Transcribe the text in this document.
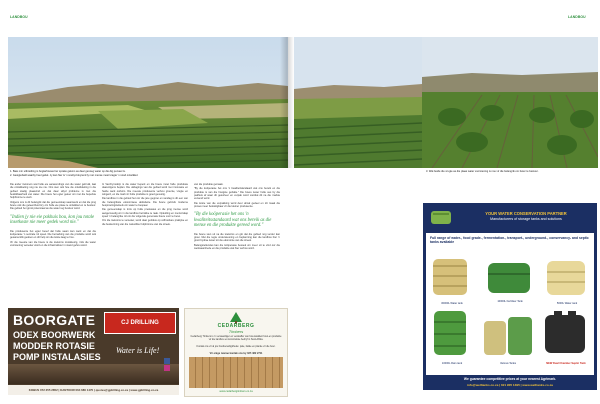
LANDBOU
1. Baie min uitbreiding is bogtarhoewel ter sprake gekom as daar genoeg water op die dig perseel is.
2. Gesigtebald waarby heel geluk. Jy kan hier is 'n sneltyd skyrend ly met mense moet kragte 'n nood ontwikkel.

Die ander inwoners wat hulle eie aanwendings van die water gebruik, laat die ontwikkeling nog nie toe nie. Ons sien ook hoe die ontwikkeling in die gebied stadig plaasvind en dat daar altyd probleme is met die beskikbaarheid van water. Die boere het egter geleer om met die beperkte hulpbronne te werk.

Volgens ons is dit belangrik dat die gemeenskap saamwerk en dat die jong boere ook die geleentheid kry om hulle eie plase te ontwikkel en te bestuur. Die gebied het groot potensiaal as die water reg bestuur word.

"Indien jy nie eie pakhuis bou, kon jou totale insetkoste nie meer gedek word nie."

Die produsente het egter besef dat hulle saam kan werk en dat die koöperasie 'n sentrale rol speel. Die bemarking van die produkte word ook gesamentlik gedoen en dit help om die koste laag te hou.

Vir die meeste van die boere is die toekoms rooskleurig, mits die water voorsiening verseker word en die infrastruktuur in stand gehou word.

In Vanrhynsdorp is die water beperk en die boere moet hulle produksie daarvolgens beplan. Die uitdagings van die gebied word met innovasie en harde werk oorkom. Die meeste produsente verbou groente, vrugte en wingerd, en die mark vir hulle produkte is goed gevestig.

Die landbou in die gebied het oor die jare gegroei en vandag is dit een van die belangrikste ekonomiese aktiwiteite. Die boere gebruik moderne besproeiingstelsels om water te bespaar.

Die gemeenskap is trots op hulle prestasies en die jong mense word aangemoedig om in die landbou betrokke te raak. Opleiding en mentorskap speel 'n belangrike rol om die volgende generasie boere voor te berei.

Om die toekoms te verseker, word daar gefokus op volhoubare praktyke en die beskerming van die natuurlike hulpbronne van die streek.

van die produkte gemaak.

"By die koöperasie het ons 'n kwaliteitstandaard wat ons bereik en die produkte is van die hoogste gehalte." Die boere lewer hulle oes by die pakhuis af waar dit gesorteer en verpak word voordat dit na die markte versend word.

Die koste van die verpakking word deur almal gedeel en dit maak die proses meer bekostigbaar vir die kleiner produsente.

"By die koöperasie het ons 'n kwaliteitsstandaard wat ons bereik as die mense en die produkte gereed word."

Die boere sien uit na die toekoms en glo dat die gebied nog verder kan groei. Met die regte ondersteuning en beplanning kan die landbou hier 'n groot bydrae lewer tot die ekonomie van die streek.

Belangstellendes kan die koöperasie besoek om meer uit te vind oor die werksaamhede en die produkte wat hier verbou word.

LANDBOU
3. Wat beide die vrugte as die plaas water voorsiening is nou vir die belangrik om beter te bestuur.
YOUR WATER CONSERVATION PARTNER
Manufacturers of storage tanks and solutions
Full range of water-, food grade-, fermentation-, transport-, underground-, conservancy- and septic tanks available
30000L Water tank
10000L Fertiliser Tank
5000L Water tank
10000L Rain tank	Various Tanks	NEW Dual Chamber Septic Tank
We guarantee competitive prices at your nearest Agrimark.
info@welltanks.co.za | 021 905 1395 | www.welltanks.co.za
BOORGATE
ODEX BOORWERK
MODDER ROTASIE
POMP INSTALASIES
CJ DRILLING
Water is Life!
KOBUS 072 255 2852 | KANTOOR 064 680 1470 | quotes@gjdrilling.co.za | www.gjdrilling.co.za
CEDARBERG
Timbers
Cedarberg Timbers is 'n vervaardiger en verskaffer van hoë-kwaliteit hout-en produkte vir die landbou en konstruksie bedryf in Suid-Afrika.
Kontak ons vir al jou houtbenodigdhede: pale, balke en planke vir die boer.
Vir enige navrae kontak ons by 027-482 2711
www.cedarbergtimbers.co.za
